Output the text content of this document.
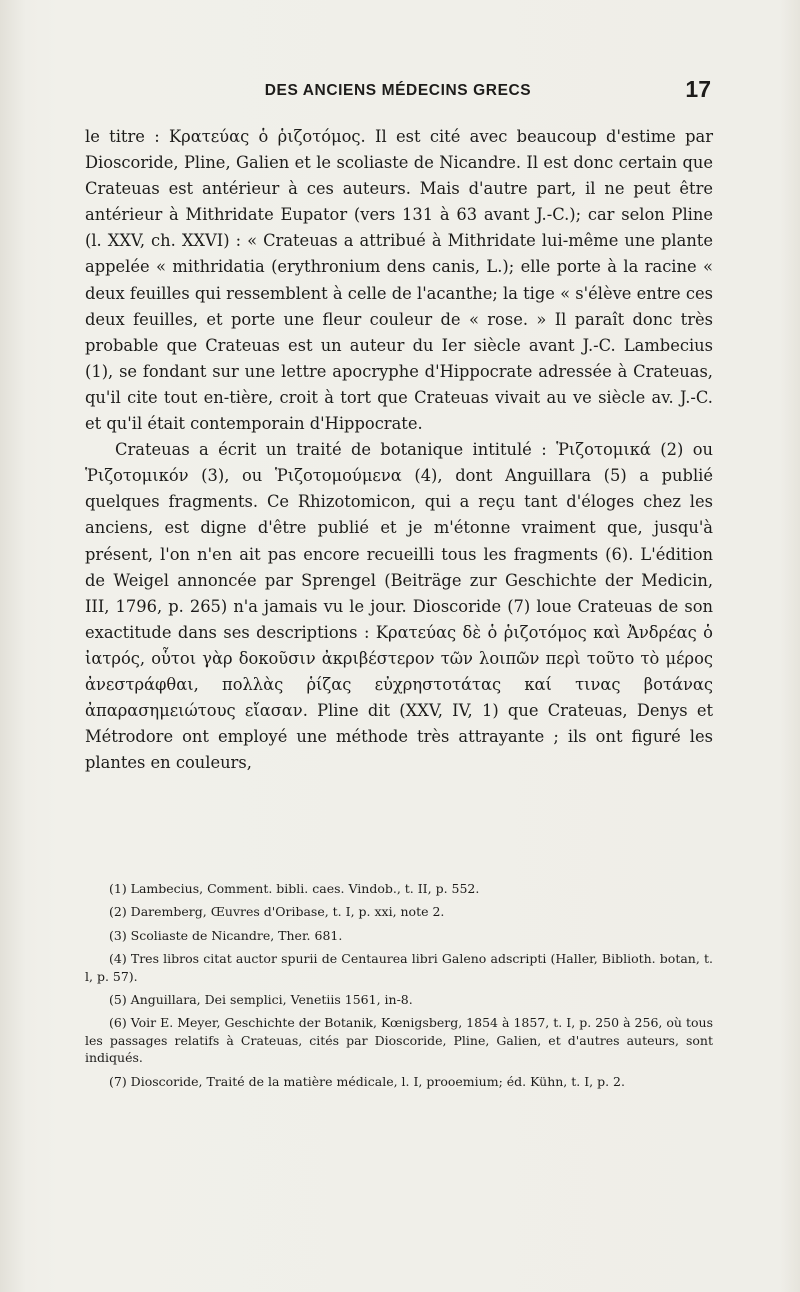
DES ANCIENS MÉDECINS GRECS	17

le titre : Κρατεύας ὁ ῥιζοτόμος. Il est cité avec beaucoup d'estime par Dioscoride, Pline, Galien et le scoliaste de Nicandre. Il est donc certain que Crateuas est antérieur à ces auteurs. Mais d'autre part, il ne peut être antérieur à Mithridate Eupator (vers 131 à 63 avant J.-C.); car selon Pline (l. XXV, ch. XXVI) : « Crateuas a attribué à Mithridate lui-même une plante appelée « mithridatia (erythronium dens canis, L.); elle porte à la racine « deux feuilles qui ressemblent à celle de l'acanthe; la tige « s'élève entre ces deux feuilles, et porte une fleur couleur de « rose. » Il paraît donc très probable que Crateuas est un auteur du Ier siècle avant J.-C. Lambecius (1), se fondant sur une lettre apocryphe d'Hippocrate adressée à Crateuas, qu'il cite tout en-tière, croit à tort que Crateuas vivait au ve siècle av. J.-C. et qu'il était contemporain d'Hippocrate.

Crateuas a écrit un traité de botanique intitulé : Ῥιζοτομικά (2) ou Ῥιζοτομικόν (3), ou Ῥιζοτομούμενα (4), dont Anguillara (5) a publié quelques fragments. Ce Rhizotomicon, qui a reçu tant d'éloges chez les anciens, est digne d'être publié et je m'étonne vraiment que, jusqu'à présent, l'on n'en ait pas encore recueilli tous les fragments (6). L'édition de Weigel annoncée par Sprengel (Beiträge zur Geschichte der Medicin, III, 1796, p. 265) n'a jamais vu le jour. Dioscoride (7) loue Crateuas de son exactitude dans ses descriptions : Κρατεύας δὲ ὁ ῥιζοτόμος καὶ Ἀνδρέας ὁ ἰατρός, οὗτοι γὰρ δοκοῦσιν ἀκριβέστερον τῶν λοιπῶν περὶ τοῦτο τὸ μέρος ἀνεστράφθαι, πολλὰς ῥίζας εὐχρηστοτάτας καί τινας βοτάνας ἀπαρασημειώτους εἴασαν. Pline dit (XXV, IV, 1) que Crateuas, Denys et Métrodore ont employé une méthode très attrayante ; ils ont figuré les plantes en couleurs,

(1) Lambecius, Comment. bibli. caes. Vindob., t. II, p. 552.

(2) Daremberg, Œuvres d'Oribase, t. I, p. xxi, note 2.

(3) Scoliaste de Nicandre, Ther. 681.

(4) Tres libros citat auctor spurii de Centaurea libri Galeno adscripti (Haller, Biblioth. botan, t. l, p. 57).

(5) Anguillara, Dei semplici, Venetiis 1561, in-8.

(6) Voir E. Meyer, Geschichte der Botanik, Kœnigsberg, 1854 à 1857, t. I, p. 250 à 256, où tous les passages relatifs à Crateuas, cités par Dioscoride, Pline, Galien, et d'autres auteurs, sont indiqués.

(7) Dioscoride, Traité de la matière médicale, l. I, prooemium; éd. Kühn, t. I, p. 2.
